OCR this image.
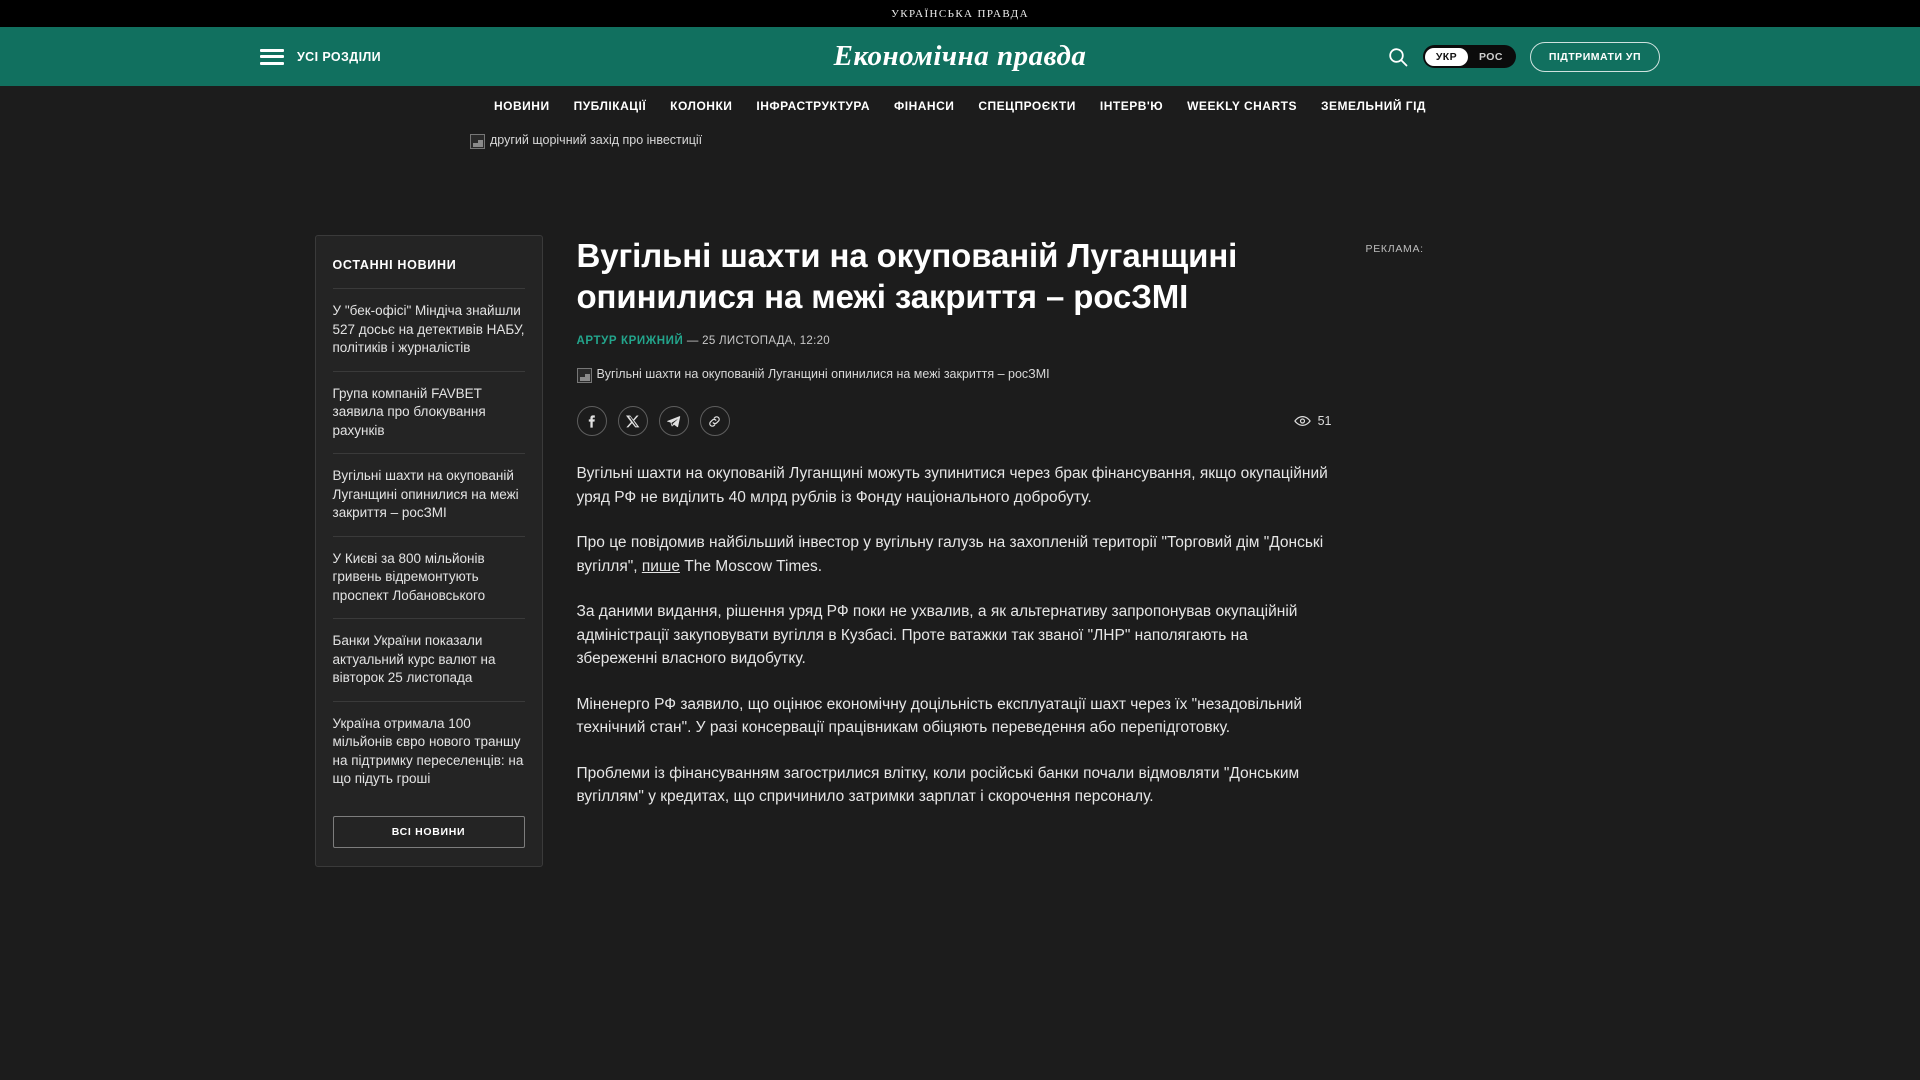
УКРАЇНСЬКА ПРАВДА
УСІ РОЗДІЛИ	Економічна правда	УКР	РОС	ПІДТРИМАТИ УП
НОВИНИ ПУБЛІКАЦІЇ КОЛОНКИ ІНФРАСТРУКТУРА ФІНАНСИ СПЕЦПРОЄКТИ ІНТЕРВ'Ю WEEKLY CHARTS ЗЕМЕЛЬНИЙ ГІД
другий щорічний захід про інвестиції
ОСТАННІ НОВИНИ
У "бек-офісі" Міндіча знайшли 527 досьє на детективів НАБУ, політиків і журналістів
Група компаній FAVBET заявила про блокування рахунків
Вугільні шахти на окупованій Луганщині опинилися на межі закриття – росЗМІ
У Києві за 800 мільйонів гривень відремонтують проспект Лобановського
Банки України показали актуальний курс валют на вівторок 25 листопада
Україна отримала 100 мільйонів євро нового траншу на підтримку переселенців: на що підуть гроші
ВСІ НОВИНИ
Вугільні шахти на окупованій Луганщині опинилися на межі закриття – росЗМІ
АРТУР КРИЖНИЙ — 25 ЛИСТОПАДА, 12:20
Вугільні шахти на окупованій Луганщині опинилися на межі закриття – росЗМІ
51

Вугільні шахти на окупованій Луганщині можуть зупинитися через брак фінансування, якщо окупаційний уряд РФ не виділить 40 млрд рублів із Фонду національного добробуту.

Про це повідомив найбільший інвестор у вугільну галузь на захопленій території "Торговий дім "Донські вугілля", пише The Moscow Times.

За даними видання, рішення уряд РФ поки не ухвалив, а як альтернативу запропонував окупаційній адміністрації закуповувати вугілля в Кузбасі. Проте ватажки так званої "ЛНР" наполягають на збереженні власного видобутку.

Міненерго РФ заявило, що оцінює економічну доцільність експлуатації шахт через їх "незадовільний технічний стан". У разі консервації працівникам обіцяють переведення або перепідготовку.

Проблеми із фінансуванням загострилися влітку, коли російські банки почали відмовляти "Донським вугіллям" у кредитах, що спричинило затримки зарплат і скорочення персоналу.

РЕКЛАМА:
